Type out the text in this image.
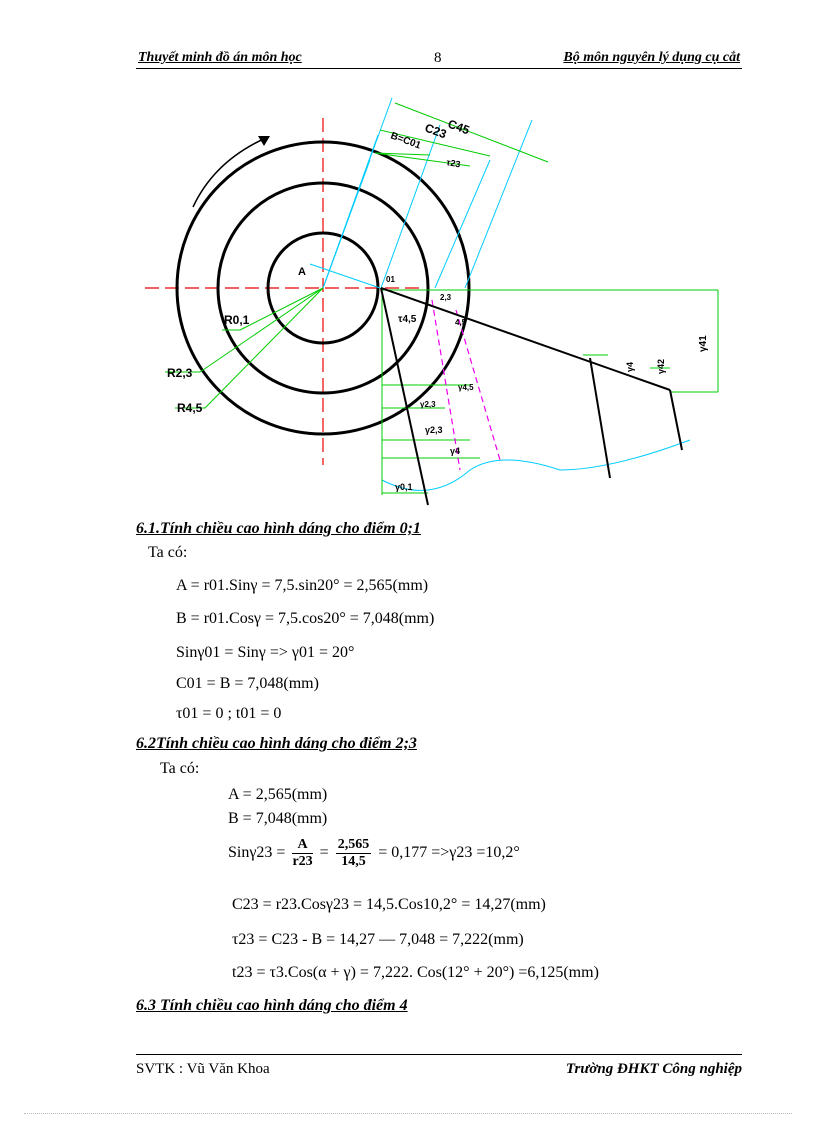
Thuyết minh đồ án môn học	8	Bộ môn nguyên lý dụng cụ cắt
C45
C23
B=C01
τ23
A
01
2,3
4,5
τ4,5
γ4,5
γ2,3
γ2,3
γ4
γ0,1
γ41
γ4 γ42
R0,1
R2,3
R4,5
6.1.Tính chiều cao hình dáng cho điểm 0;1
Ta có:
A = r01.Sinγ = 7,5.sin20° = 2,565(mm)
B = r01.Cosγ = 7,5.cos20° = 7,048(mm)
Sinγ01 = Sinγ => γ01 = 20°
C01 = B = 7,048(mm)
τ01 = 0 ; t01 = 0
6.2Tính chiều cao hình dáng cho điểm 2;3
Ta có:
A = 2,565(mm)
B = 7,048(mm)
$Sin\gamma 23 = \frac{A}{r23} = \frac{2,565}{14,5} = 0,177 =>\gamma 23 =10,2^\circ$
C23 = r23.Cosγ23 = 14,5.Cos10,2° = 14,27(mm)
τ23 = C23 - B = 14,27 — 7,048 = 7,222(mm)
t23 = τ3.Cos(α + γ) = 7,222. Cos(12° + 20°) =6,125(mm)
6.3 Tính chiều cao hình dáng cho điểm 4
SVTK : Vũ Văn Khoa	Trường ĐHKT Công nghiệp
